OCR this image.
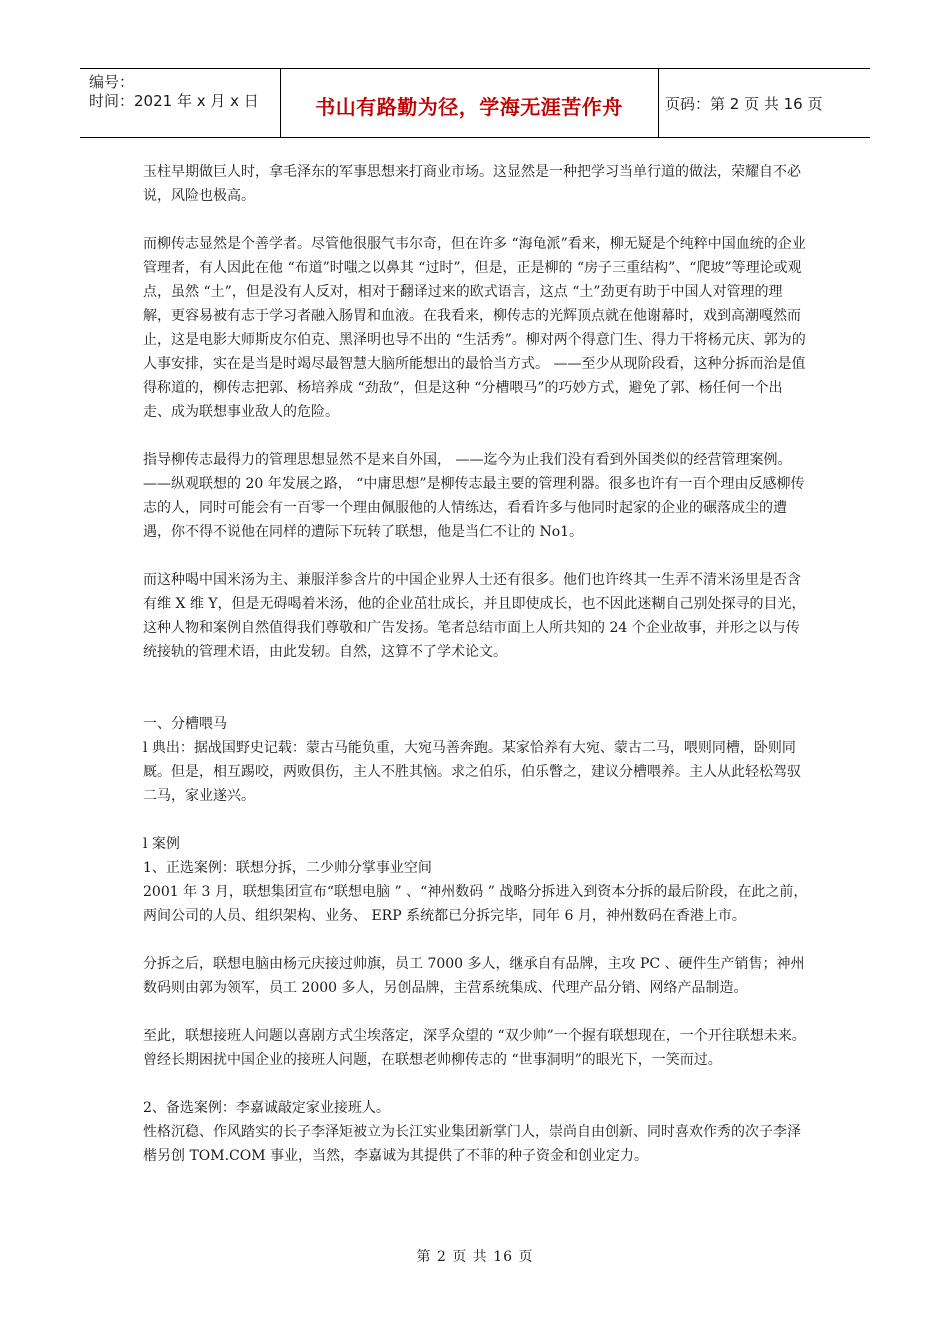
编号：
时间：2021 年 x 月 x 日	书山有路勤为径，学海无涯苦作舟	页码：第 2 页 共 16 页

玉柱早期做巨人时，拿毛泽东的军事思想来打商业市场。这显然是一种把学习当单行道的做法，荣耀自不必说，风险也极高。

而柳传志显然是个善学者。尽管他很服气韦尔奇，但在许多 “海龟派”看来，柳无疑是个纯粹中国血统的企业管理者，有人因此在他 “布道”时嗤之以鼻其 “过时”，但是，正是柳的 “房子三重结构”、“爬坡”等理论或观点，虽然 “土”，但是没有人反对，相对于翻译过来的欧式语言，这点 “土”劲更有助于中国人对管理的理解，更容易被有志于学习者融入肠胃和血液。在我看来，柳传志的光辉顶点就在他谢幕时，戏到高潮嘎然而止，这是电影大师斯皮尔伯克、黑泽明也导不出的 “生活秀”。柳对两个得意门生、得力干将杨元庆、郭为的人事安排，实在是当是时竭尽最智慧大脑所能想出的最恰当方式。 ——至少从现阶段看，这种分拆而治是值得称道的，柳传志把郭、杨培养成 “劲敌”，但是这种 “分槽喂马”的巧妙方式，避免了郭、杨任何一个出走、成为联想事业敌人的危险。

指导柳传志最得力的管理思想显然不是来自外国， ——迄今为止我们没有看到外国类似的经营管理案例。 ——纵观联想的 20 年发展之路， “中庸思想”是柳传志最主要的管理利器。很多也许有一百个理由反感柳传志的人，同时可能会有一百零一个理由佩服他的人情练达，看看许多与他同时起家的企业的碾落成尘的遭遇，你不得不说他在同样的遭际下玩转了联想，他是当仁不让的 No1。

而这种喝中国米汤为主、兼服洋参含片的中国企业界人士还有很多。他们也许终其一生弄不清米汤里是否含有维 X 维 Y，但是无碍喝着米汤，他的企业茁壮成长，并且即使成长，也不因此迷糊自己别处探寻的目光，这种人物和案例自然值得我们尊敬和广告发扬。笔者总结市面上人所共知的 24 个企业故事，并形之以与传统接轨的管理术语，由此发轫。自然，这算不了学术论文。

一、分槽喂马

l 典出：据战国野史记载：蒙古马能负重，大宛马善奔跑。某家恰养有大宛、蒙古二马，喂则同槽，卧则同厩。但是，相互踢咬，两败俱伤，主人不胜其恼。求之伯乐，伯乐瞥之，建议分槽喂养。主人从此轻松驾驭二马，家业遂兴。

l 案例

1、正选案例：联想分拆，二少帅分掌事业空间

2001 年 3 月，联想集团宣布“联想电脑 ” 、“神州数码 ” 战略分拆进入到资本分拆的最后阶段，在此之前，两间公司的人员、组织架构、业务、 ERP 系统都已分拆完毕，同年 6 月，神州数码在香港上市。

分拆之后，联想电脑由杨元庆接过帅旗，员工 7000 多人，继承自有品牌，主攻 PC 、硬件生产销售；神州数码则由郭为领军，员工 2000 多人，另创品牌，主营系统集成、代理产品分销、网络产品制造。

至此，联想接班人问题以喜剧方式尘埃落定，深孚众望的 “双少帅”一个握有联想现在，一个开往联想未来。曾经长期困扰中国企业的接班人问题，在联想老帅柳传志的 “世事洞明”的眼光下，一笑而过。

2、备选案例：李嘉诚敲定家业接班人。

性格沉稳、作风踏实的长子李泽矩被立为长江实业集团新掌门人，崇尚自由创新、同时喜欢作秀的次子李泽楷另创 TOM.COM 事业，当然，李嘉诚为其提供了不菲的种子资金和创业定力。

第 2 页 共 16 页
